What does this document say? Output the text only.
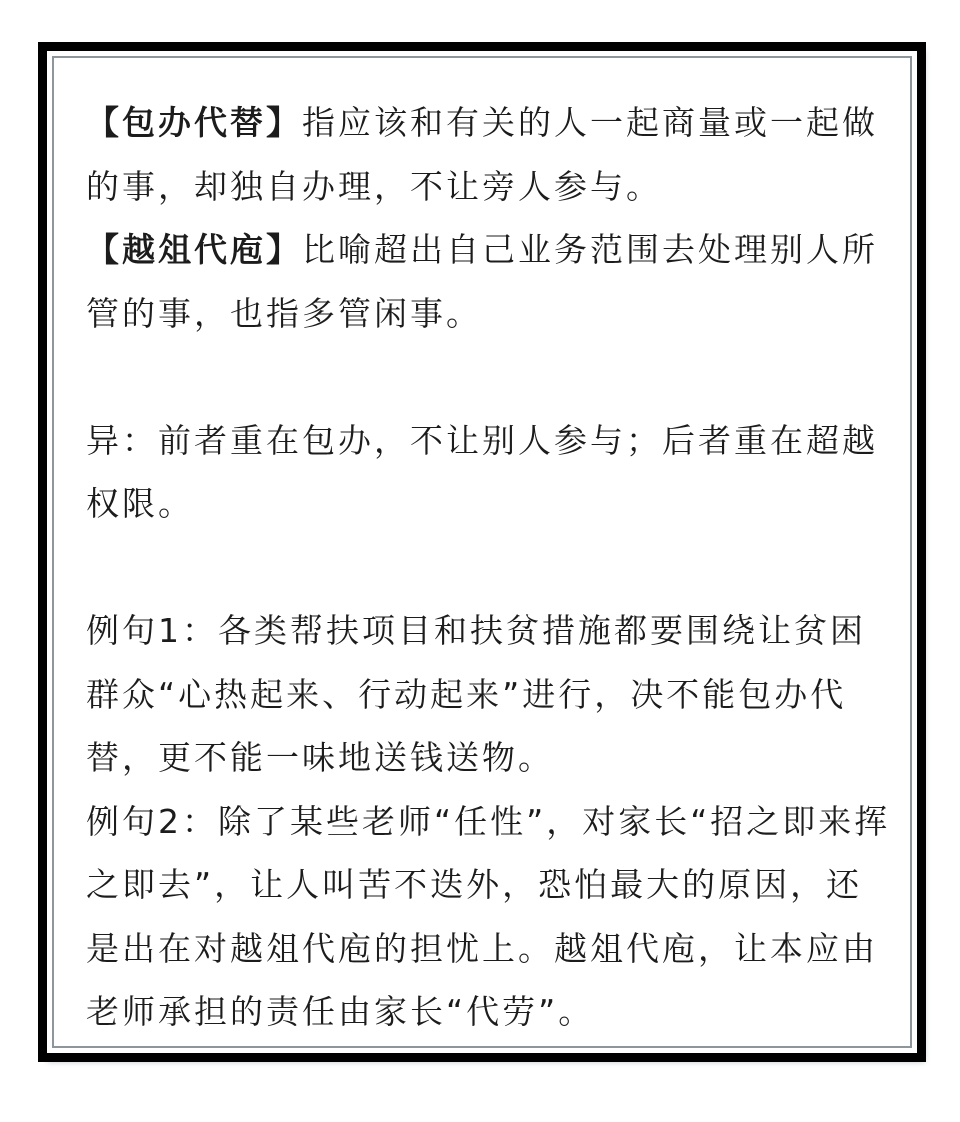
【包办代替】指应该和有关的人一起商量或一起做的事，却独自办理，不让旁人参与。

【越俎代庖】比喻超出自己业务范围去处理别人所管的事，也指多管闲事。

异：前者重在包办，不让别人参与；后者重在超越权限。

例句1：各类帮扶项目和扶贫措施都要围绕让贫困群众“心热起来、行动起来”进行，决不能包办代替，更不能一味地送钱送物。

例句2：除了某些老师“任性”，对家长“招之即来挥之即去”，让人叫苦不迭外，恐怕最大的原因，还是出在对越俎代庖的担忧上。越俎代庖，让本应由老师承担的责任由家长“代劳”。
